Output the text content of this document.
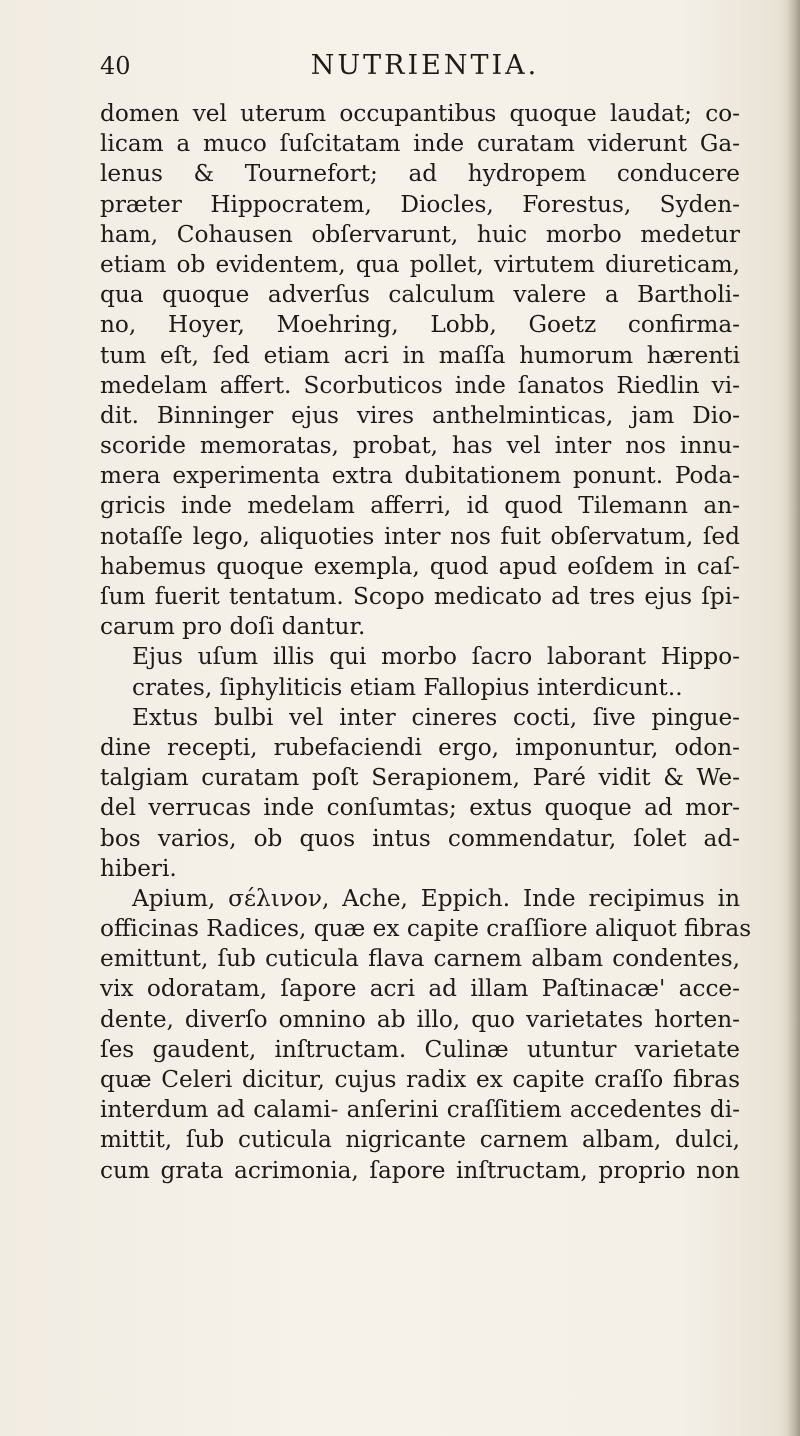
40	NUTRIENTIA.
domen vel uterum occupantibus quoque laudat; co-
licam a muco ſuſcitatam inde curatam viderunt Ga-
lenus & Tournefort; ad hydropem conducere
præter Hippocratem, Diocles, Forestus, Syden-
ham, Cohausen obſervarunt, huic morbo medetur
etiam ob evidentem, qua pollet, virtutem diureticam,
qua quoque adverſus calculum valere a Bartholi-
no, Hoyer, Moehring, Lobb, Goetz confirma-
tum eſt, ſed etiam acri in maſſa humorum hærenti
medelam affert. Scorbuticos inde ſanatos Riedlin vi-
dit. Binninger ejus vires anthelminticas, jam Dio-
scoride memoratas, probat, has vel inter nos innu-
mera experimenta extra dubitationem ponunt. Poda-
gricis inde medelam afferri, id quod Tilemann an-
notaſſe lego, aliquoties inter nos fuit obſervatum, ſed
habemus quoque exempla, quod apud eoſdem in caſ-
ſum fuerit tentatum. Scopo medicato ad tres ejus ſpi-
carum pro doſi dantur.
Ejus uſum illis qui morbo ſacro laborant Hippo-
crates, ſiphyliticis etiam Fallopius interdicunt..
Extus bulbi vel inter cineres cocti, ſive pingue-
dine recepti, rubefaciendi ergo, imponuntur, odon-
talgiam curatam poſt Serapionem, Paré vidit & We-
del verrucas inde conſumtas; extus quoque ad mor-
bos varios, ob quos intus commendatur, ſolet ad-
hiberi.
Apium, σέλινον, Ache, Eppich. Inde recipimus in
officinas Radices, quæ ex capite craſſiore aliquot fibras
emittunt, ſub cuticula flava carnem albam condentes,
vix odoratam, ſapore acri ad illam Paſtinacæ' acce-
dente, diverſo omnino ab illo, quo varietates horten-
ſes gaudent, inſtructam. Culinæ utuntur varietate
quæ Celeri dicitur, cujus radix ex capite craſſo fibras
interdum ad calami- anſerini craſſitiem accedentes di-
mittit, ſub cuticula nigricante carnem albam, dulci,
cum grata acrimonia, ſapore inſtructam, proprio non
